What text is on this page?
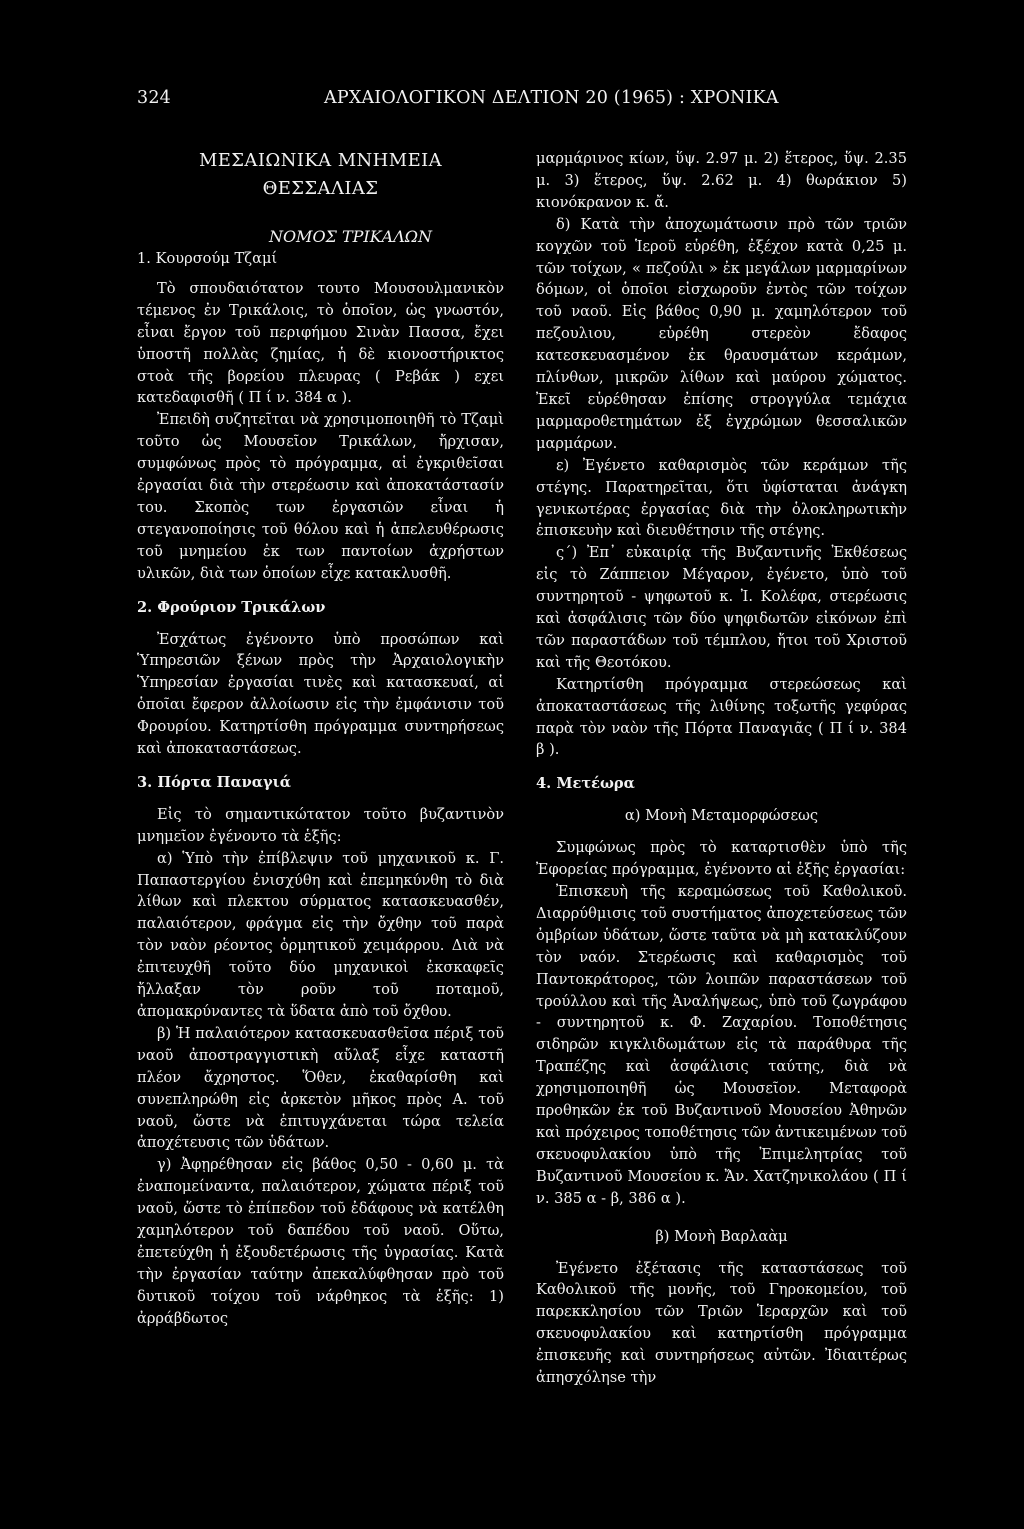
324	ΑΡΧΑΙΟΛΟΓΙΚΟΝ ΔΕΛΤΙΟΝ 20 (1965) : ΧΡΟΝΙΚΑ
ΜΕΣΑΙΩΝΙΚΑ ΜΝΗΜΕΙΑ
ΘΕΣΣΑΛΙΑΣ
ΝΟΜΟΣ ΤΡΙΚΑΛΩΝ
1. Κουρσούμ Τζαμί

Τὸ σπουδαιότατον τουτο Μουσουλμανικὸν τέμενος ἐν Τρικάλοις, τὸ ὁποῖον, ὡς γνωστόν, εἶναι ἔργον τοῦ περιφήμου Σινὰν Πασσα, ἔχει ὑποστῆ πολλὰς ζημίας, ἡ δὲ κιονοστήρικτος στοὰ τῆς βορείου πλευρας ( Ρεβάκ ) εχει κατεδαφισθῆ ( Π ί ν. 384 α ).

Ἐπειδὴ συζητεῖται νὰ χρησιμοποιηθῆ τὸ Τζαμὶ τοῦτο ὡς Μουσεῖον Τρικάλων, ἤρχισαν, συμφώνως πρὸς τὸ πρόγραμμα, αἱ ἐγκριθεῖσαι ἐργασίαι διὰ τὴν στερέωσιν καὶ ἀποκατάστασίν του. Σκοπὸς των ἐργασιῶν εἶναι ἡ στεγανοποίησις τοῦ θόλου καὶ ἡ ἀπελευθέρωσις τοῦ μνημείου ἐκ των παντοίων ἀχρήστων υλικῶν, διὰ των ὁποίων εἶχε κατακλυσθῆ.

2. Φρούριον Τρικάλων

Ἐσχάτως ἐγένοντο ὑπὸ προσώπων καὶ Ὑπηρεσιῶν ξένων πρὸς τὴν Ἀρχαιολογικὴν Ὑπηρεσίαν ἐργασίαι τινὲς καὶ κατασκευαί, αἱ ὁποῖαι ἔφερον ἀλλοίωσιν εἰς τὴν ἐμφάνισιν τοῦ Φρουρίου. Κατηρτίσθη πρόγραμμα συντηρήσεως καὶ ἀποκαταστάσεως.

3. Πόρτα Παναγιά

Εἰς τὸ σημαντικώτατον τοῦτο βυζαντινὸν μνημεῖον ἐγένοντο τὰ ἑξῆς:

α) Ὑπὸ τὴν ἐπίβλεψιν τοῦ μηχανικοῦ κ. Γ. Παπαστεργίου ἐνισχύθη καὶ ἐπεμηκύνθη τὸ διὰ λίθων καὶ πλεκτου σύρματος κατασκευασθέν, παλαιότερον, φράγμα εἰς τὴν ὄχθην τοῦ παρὰ τὸν ναὸν ρέοντος ὁρμητικοῦ χειμάρρου. Διὰ νὰ ἐπιτευχθῆ τοῦτο δύο μηχανικοὶ ἐκσκαφεῖς ἤλλαξαν τὸν ροῦν τοῦ ποταμοῦ, ἀπομακρύναντες τὰ ὕδατα ἀπὸ τοῦ ὄχθου.

β) Ἡ παλαιότερον κατασκευασθεῖσα πέριξ τοῦ ναοῦ ἀποστραγγιστικὴ αὔλαξ εἶχε καταστῆ πλέον ἄχρηστος. Ὅθεν, ἐκαθαρίσθη καὶ συνεπληρώθη εἰς ἀρκετὸν μῆκος πρὸς Α. τοῦ ναοῦ, ὥστε νὰ ἐπιτυγχάνεται τώρα τελεία ἀποχέτευσις τῶν ὑδάτων.

γ) Ἀφῃρέθησαν εἰς βάθος 0,50 - 0,60 μ. τὰ ἐναπομείναντα, παλαιότερον, χώματα πέριξ τοῦ ναοῦ, ὥστε τὸ ἐπίπεδον τοῦ ἐδάφους νὰ κατέλθη χαμηλότερον τοῦ δαπέδου τοῦ ναοῦ. Οὕτω, ἐπετεύχθη ἡ ἐξουδετέρωσις τῆς ὑγρασίας. Κατὰ τὴν ἐργασίαν ταύτην ἀπεκαλύφθησαν πρὸ τοῦ δυτικοῦ τοίχου τοῦ νάρθηκος τὰ ἑξῆς: 1) ἀρράβδωτος

μαρμάρινος κίων, ὕψ. 2.97 μ. 2) ἕτερος, ὕψ. 2.35 μ. 3) ἕτερος, ὕψ. 2.62 μ. 4) θωράκιον 5) κιονόκρανον κ. ἄ.

δ) Κατὰ τὴν ἀποχωμάτωσιν πρὸ τῶν τριῶν κογχῶν τοῦ Ἱεροῦ εὑρέθη, ἐξέχον κατὰ 0,25 μ. τῶν τοίχων, « πεζούλι » ἐκ μεγάλων μαρμαρίνων δόμων, οἱ ὁποῖοι εἰσχωροῦν ἐντὸς τῶν τοίχων τοῦ ναοῦ. Εἰς βάθος 0,90 μ. χαμηλότερον τοῦ πεζουλιου, εὑρέθη στερεὸν ἔδαφος κατεσκευασμένον ἐκ θραυσμάτων κεράμων, πλίνθων, μικρῶν λίθων καὶ μαύρου χώματος. Ἐκεῖ εὑρέθησαν ἐπίσης στρογγύλα τεμάχια μαρμαροθετημάτων ἐξ ἐγχρώμων θεσσαλικῶν μαρμάρων.

ε) Ἐγένετο καθαρισμὸς τῶν κεράμων τῆς στέγης. Παρατηρεῖται, ὅτι ὑφίσταται ἀνάγκη γενικωτέρας ἐργασίας διὰ τὴν ὁλοκληρωτικὴν ἐπισκευὴν καὶ διευθέτησιν τῆς στέγης.

ς΄) Ἐπ᾽ εὐκαιρίᾳ τῆς Βυζαντινῆς Ἐκθέσεως εἰς τὸ Ζάππειον Μέγαρον, ἐγένετο, ὑπὸ τοῦ συντηρητοῦ - ψηφωτοῦ κ. Ἰ. Κολέφα, στερέωσις καὶ ἀσφάλισις τῶν δύο ψηφιδωτῶν εἰκόνων ἐπὶ τῶν παραστάδων τοῦ τέμπλου, ἤτοι τοῦ Χριστοῦ καὶ τῆς Θεοτόκου.

Κατηρτίσθη πρόγραμμα στερεώσεως καὶ ἀποκαταστάσεως τῆς λιθίνης τοξωτῆς γεφύρας παρὰ τὸν ναὸν τῆς Πόρτα Παναγιᾶς ( Π ί ν. 384 β ).

4. Μετέωρα
α) Μονὴ Μεταμορφώσεως

Συμφώνως πρὸς τὸ καταρτισθὲν ὑπὸ τῆς Ἐφορείας πρόγραμμα, ἐγένοντο αἱ ἑξῆς ἐργασίαι:

Ἐπισκευὴ τῆς κεραμώσεως τοῦ Καθολικοῦ. Διαρρύθμισις τοῦ συστήματος ἀποχετεύσεως τῶν ὀμβρίων ὑδάτων, ὥστε ταῦτα νὰ μὴ κατακλύζουν τὸν ναόν. Στερέωσις καὶ καθαρισμὸς τοῦ Παντοκράτορος, τῶν λοιπῶν παραστάσεων τοῦ τρούλλου καὶ τῆς Ἀναλήψεως, ὑπὸ τοῦ ζωγράφου - συντηρητοῦ κ. Φ. Ζαχαρίου. Τοποθέτησις σιδηρῶν κιγκλιδωμάτων εἰς τὰ παράθυρα τῆς Τραπέζης καὶ ἀσφάλισις ταύτης, διὰ νὰ χρησιμοποιηθῆ ὡς Μουσεῖον. Μεταφορὰ προθηκῶν ἐκ τοῦ Βυζαντινοῦ Μουσείου Ἀθηνῶν καὶ πρόχειρος τοποθέτησις τῶν ἀντικειμένων τοῦ σκευοφυλακίου ὑπὸ τῆς Ἐπιμελητρίας τοῦ Βυζαντινοῦ Μουσείου κ. Ἄν. Χατζηνικολάου ( Π ί ν. 385 α - β, 386 α ).

β) Μονὴ Βαρλαὰμ

Ἐγένετο ἐξέτασις τῆς καταστάσεως τοῦ Καθολικοῦ τῆς μονῆς, τοῦ Γηροκομείου, τοῦ παρεκκλησίου τῶν Τριῶν Ἱεραρχῶν καὶ τοῦ σκευοφυλακίου καὶ κατηρτίσθη πρόγραμμα ἐπισκευῆς καὶ συντηρήσεως αὐτῶν. Ἰδιαιτέρως ἀπησχόληse τὴν
